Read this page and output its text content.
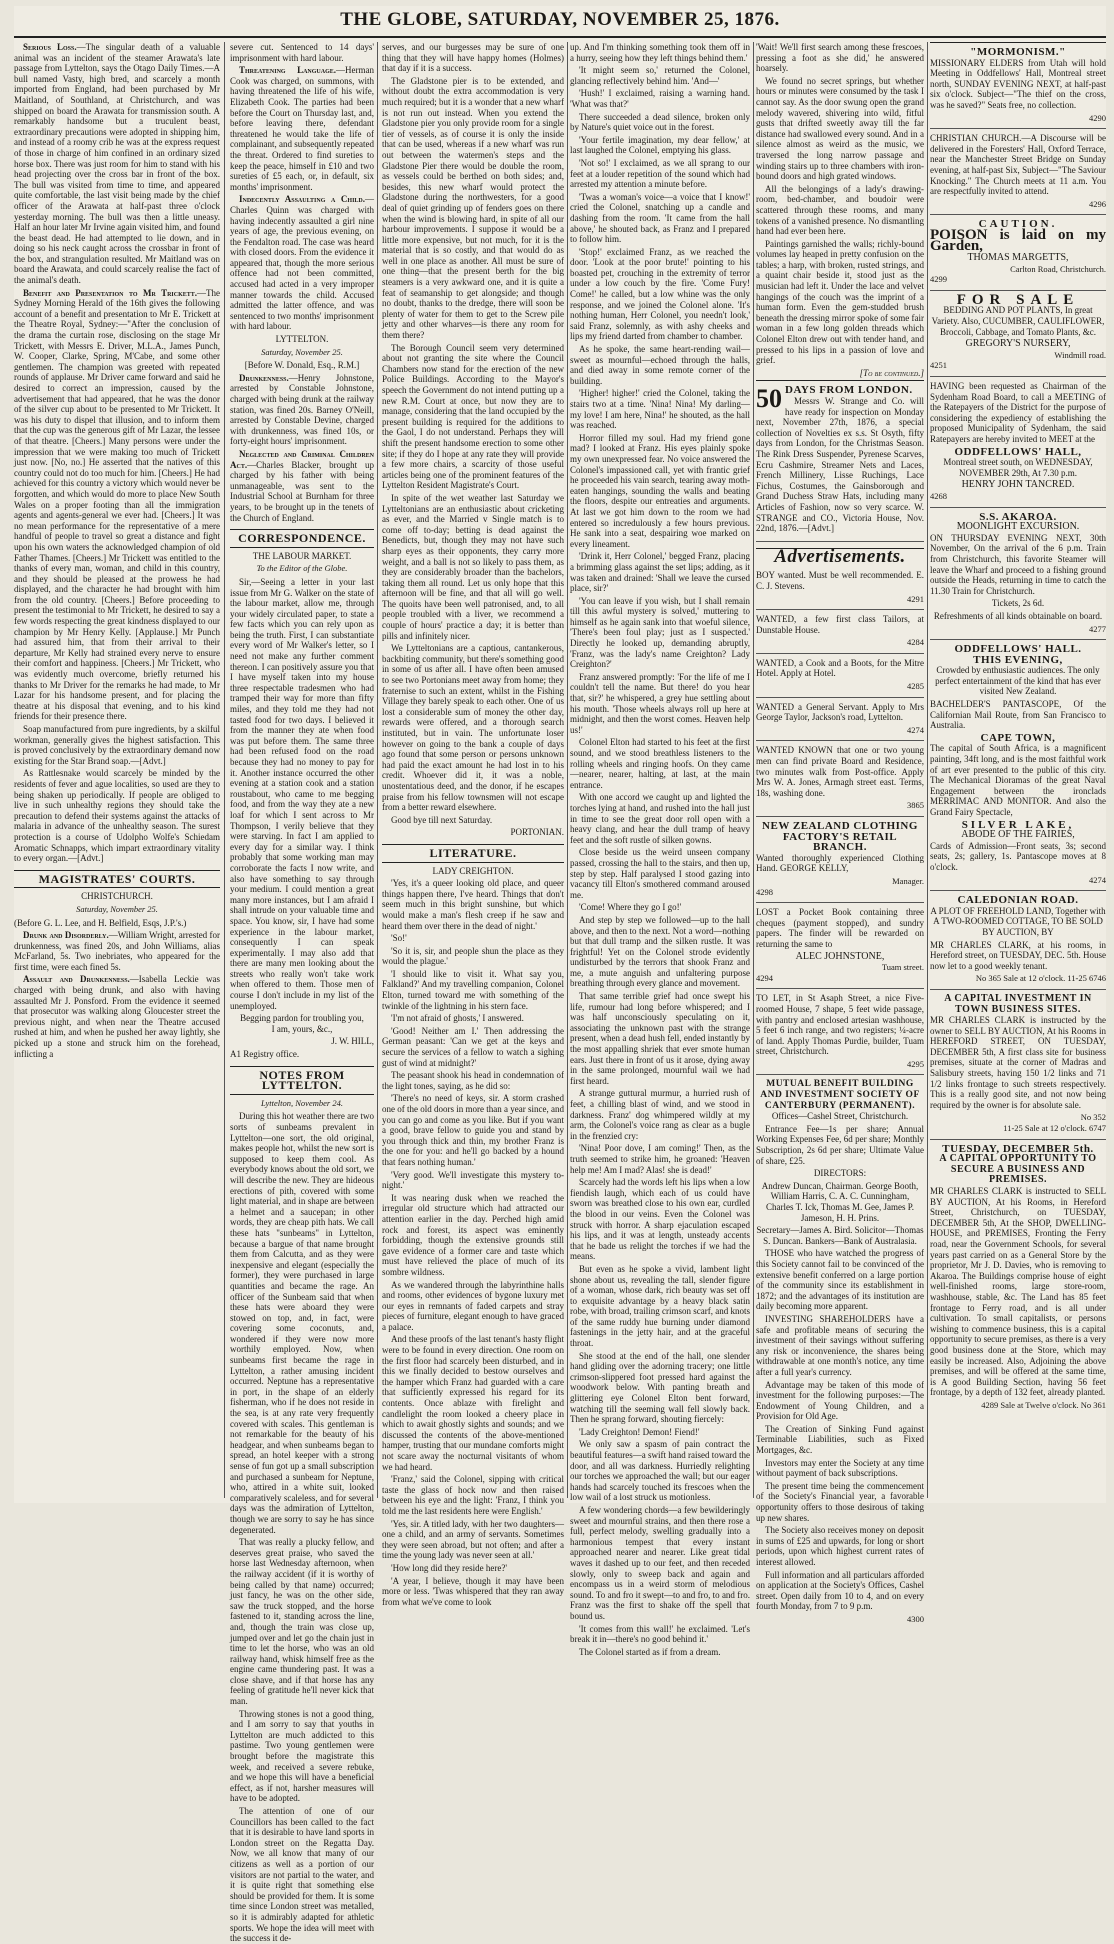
THE GLOBE, SATURDAY, NOVEMBER 25, 1876.

Serious Loss.—The singular death of a valuable animal was an incident of the steamer Arawata's late passage from Lyttelton, says the Otago Daily Times.—A bull named Vasty, high bred, and scarcely a month imported from England, had been purchased by Mr Maitland, of Southland, at Christchurch, and was shipped on board the Arawata for transmission south. A remarkably handsome but a truculent beast, extraordinary precautions were adopted in shipping him, and instead of a roomy crib he was at the express request of those in charge of him confined in an ordinary sized horse box. There was just room for him to stand with his head projecting over the cross bar in front of the box. The bull was visited from time to time, and appeared quite comfortable, the last visit being made by the chief officer of the Arawata at half-past three o'clock yesterday morning. The bull was then a little uneasy. Half an hour later Mr Irvine again visited him, and found the beast dead. He had attempted to lie down, and in doing so his neck caught across the crossbar in front of the box, and strangulation resulted. Mr Maitland was on board the Arawata, and could scarcely realise the fact of the animal's death.

Benefit and Presentation to Mr Trickett.—The Sydney Morning Herald of the 16th gives the following account of a benefit and presentation to Mr E. Trickett at the Theatre Royal, Sydney:—"After the conclusion of the drama the curtain rose, disclosing on the stage Mr Trickett, with Messrs E. Driver, M.L.A., James Punch, W. Cooper, Clarke, Spring, M'Cabe, and some other gentlemen. The champion was greeted with repeated rounds of applause. Mr Driver came forward and said he desired to correct an impression, caused by the advertisement that had appeared, that he was the donor of the silver cup about to be presented to Mr Trickett. It was his duty to dispel that illusion, and to inform them that the cup was the generous gift of Mr Lazar, the lessee of that theatre. [Cheers.] Many persons were under the impression that we were making too much of Trickett just now. [No, no.] He asserted that the natives of this country could not do too much for him. [Cheers.] He had achieved for this country a victory which would never be forgotten, and which would do more to place New South Wales on a proper footing than all the immigration agents and agents-general we ever had. [Cheers.] It was no mean performance for the representative of a mere handful of people to travel so great a distance and fight upon his own waters the acknowledged champion of old Father Thames. [Cheers.] Mr Trickett was entitled to the thanks of every man, woman, and child in this country, and they should be pleased at the prowess he had displayed, and the character he had brought with him from the old country. [Cheers.] Before proceeding to present the testimonial to Mr Trickett, he desired to say a few words respecting the great kindness displayed to our champion by Mr Henry Kelly. [Applause.] Mr Punch had assured him, that from their arrival to their departure, Mr Kelly had strained every nerve to ensure their comfort and happiness. [Cheers.] Mr Trickett, who was evidently much overcome, briefly returned his thanks to Mr Driver for the remarks he had made, to Mr Lazar for his handsome present, and for placing the theatre at his disposal that evening, and to his kind friends for their presence there.

Soap manufactured from pure ingredients, by a skilful workman, generally gives the highest satisfaction. This is proved conclusively by the extraordinary demand now existing for the Star Brand soap.—[Advt.]

As Rattlesnake would scarcely be minded by the residents of fever and ague localities, so used are they to being shaken up periodically. If people are obliged to live in such unhealthy regions they should take the precaution to defend their systems against the attacks of malaria in advance of the unhealthy season. The surest protection is a course of Udolpho Wolfe's Schiedam Aromatic Schnapps, which impart extraordinary vitality to every organ.—[Advt.]

MAGISTRATES' COURTS.
CHRISTCHURCH.
Saturday, November 25.

(Before G. L. Lee, and H. Belfield, Esqs, J.P.'s.)

Drunk and Disorderly.—William Wright, arrested for drunkenness, was fined 20s, and John Williams, alias McFarland, 5s. Two inebriates, who appeared for the first time, were each fined 5s.

Assault and Drunkenness.—Isabella Leckie was charged with being drunk, and also with having assaulted Mr J. Ponsford. From the evidence it seemed that prosecutor was walking along Gloucester street the previous night, and when near the Theatre accused rushed at him, and when he pushed her away lightly, she picked up a stone and struck him on the forehead, inflicting a

severe cut. Sentenced to 14 days' imprisonment with hard labour.

Threatening Language.—Herman Cook was charged, on summons, with having threatened the life of his wife, Elizabeth Cook. The parties had been before the Court on Thursday last, and, before leaving there, defendant threatened he would take the life of complainant, and subsequently repeated the threat. Ordered to find sureties to keep the peace, himself in £10 and two sureties of £5 each, or, in default, six months' imprisonment.

Indecently Assaulting a Child.—Charles Quinn was charged with having indecently assaulted a girl nine years of age, the previous evening, on the Fendalton road. The case was heard with closed doors. From the evidence it appeared that, though the more serious offence had not been committed, accused had acted in a very improper manner towards the child. Accused admitted the latter offence, and was sentenced to two months' imprisonment with hard labour.

LYTTELTON.
Saturday, November 25.

[Before W. Donald, Esq., R.M.]

Drunkenness.—Henry Johnstone, arrested by Constable Johnstone, charged with being drunk at the railway station, was fined 20s. Barney O'Neill, arrested by Constable Devine, charged with drunkenness, was fined 10s, or forty-eight hours' imprisonment.

Neglected and Criminal Children Act.—Charles Blacker, brought up charged by his father with being unmanageable, was sent to the Industrial School at Burnham for three years, to be brought up in the tenets of the Church of England.

CORRESPONDENCE.
THE LABOUR MARKET.
To the Editor of the Globe.

Sir,—Seeing a letter in your last issue from Mr G. Walker on the state of the labour market, allow me, through your widely circulated paper, to state a few facts which you can rely upon as being the truth. First, I can substantiate every word of Mr Walker's letter, so I need not make any further comment thereon. I can positively assure you that I have myself taken into my house three respectable tradesmen who had tramped their way for more than fifty miles, and they told me they had not tasted food for two days. I believed it from the manner they ate when food was put before them. The same three had been refused food on the road because they had no money to pay for it. Another instance occurred the other evening at a station cook and a station roustabout, who came to me begging food, and from the way they ate a new loaf for which I sent across to Mr Thompson, I verily believe that they were starving. In fact I am applied to every day for a similar way. I think probably that some working man may corroborate the facts I now write, and also have something to say through your medium. I could mention a great many more instances, but I am afraid I shall intrude on your valuable time and space. You know, sir, I have had some experience in the labour market, consequently I can speak experimentally. I may also add that there are many men looking about the streets who really won't take work when offered to them. Those men of course I don't include in my list of the unemployed.

Begging pardon for troubling you,
I am, yours, &c.,

J. W. HILL,

A1 Registry office.

NOTES FROM LYTTELTON.
Lyttelton, November 24.

During this hot weather there are two sorts of sunbeams prevalent in Lyttelton—one sort, the old original, makes people hot, whilst the new sort is supposed to keep them cool. As everybody knows about the old sort, we will describe the new. They are hideous erections of pith, covered with some light material, and in shape are between a helmet and a saucepan; in other words, they are cheap pith hats. We call these hats "sunbeams" in Lyttelton, because a bargue of that name brought them from Calcutta, and as they were inexpensive and elegant (especially the former), they were purchased in large quantities and became the rage. An officer of the Sunbeam said that when these hats were aboard they were stowed on top, and, in fact, were covering some coconuts, and, wondered if they were now more worthily employed. Now, when sunbeams first became the rage in Lyttelton, a rather amusing incident occurred. Neptune has a representative in port, in the shape of an elderly fisherman, who if he does not reside in the sea, is at any rate very frequently covered with scales. This gentleman is not remarkable for the beauty of his headgear, and when sunbeams began to spread, an hotel keeper with a strong sense of fun got up a small subscription and purchased a sunbeam for Neptune, who, attired in a white suit, looked comparatively scaleless, and for several days was the admiration of Lyttelton, though we are sorry to say he has since degenerated.

That was really a plucky fellow, and deserves great praise, who saved the horse last Wednesday afternoon, when the railway accident (if it is worthy of being called by that name) occurred; just fancy, he was on the other side, saw the truck stopped, and the horse fastened to it, standing across the line, and, though the train was close up, jumped over and let go the chain just in time to let the horse, who was an old railway hand, whisk himself free as the engine came thundering past. It was a close shave, and if that horse has any feeling of gratitude he'll never kick that man.

Throwing stones is not a good thing, and I am sorry to say that youths in Lyttelton are much addicted to this pastime. Two young gentlemen were brought before the magistrate this week, and received a severe rebuke, and we hope this will have a beneficial effect, as if not, harsher measures will have to be adopted.

The attention of one of our Councillors has been called to the fact that it is desirable to have land sports in London street on the Regatta Day. Now, we all know that many of our citizens as well as a portion of our visitors are not partial to the water, and it is quite right that something else should be provided for them. It is some time since London street was metalled, so it is admirably adapted for athletic sports. We hope the idea will meet with the success it de-

serves, and our burgesses may be sure of one thing that they will have happy homes (Holmes) that day if it is a success.

The Gladstone pier is to be extended, and without doubt the extra accommodation is very much required; but it is a wonder that a new wharf is not run out instead. When you extend the Gladstone pier you only provide room for a single tier of vessels, as of course it is only the inside that can be used, whereas if a new wharf was run out between the watermen's steps and the Gladstone Pier there would be double the room, as vessels could be berthed on both sides; and, besides, this new wharf would protect the Gladstone during the northwesters, for a good deal of quiet grinding up of fenders goes on there when the wind is blowing hard, in spite of all our harbour improvements. I suppose it would be a little more expensive, but not much, for it is the material that is so costly, and that would do as well in one place as another. All must be sure of one thing—that the present berth for the big steamers is a very awkward one, and it is quite a feat of seamanship to get alongside; and though no doubt, thanks to the dredge, there will soon be plenty of water for them to get to the Screw pile jetty and other wharves—is there any room for them there?

The Borough Council seem very determined about not granting the site where the Council Chambers now stand for the erection of the new Police Buildings. According to the Mayor's speech the Government do not intend putting up a new R.M. Court at once, but now they are to manage, considering that the land occupied by the present building is required for the additions to the Gaol, I do not understand. Perhaps they will shift the present handsome erection to some other site; if they do I hope at any rate they will provide a few more chairs, a scarcity of those useful articles being one of the prominent features of the Lyttelton Resident Magistrate's Court.

In spite of the wet weather last Saturday we Lytteltonians are an enthusiastic about cricketing as ever, and the Married v Single match is to come off to-day; betting is dead against the Benedicts, but, though they may not have such sharp eyes as their opponents, they carry more weight, and a ball is not so likely to pass them, as they are considerably broader than the bachelors, taking them all round. Let us only hope that this afternoon will be fine, and that all will go well. The quoits have been well patronised, and, to all people troubled with a liver, we recommend a couple of hours' practice a day; it is better than pills and infinitely nicer.

We Lytteltonians are a captious, cantankerous, backbiting community, but there's something good in some of us after all. I have often been amused to see two Portonians meet away from home; they fraternise to such an extent, whilst in the Fishing Village they barely speak to each other. One of us lost a considerable sum of money the other day, rewards were offered, and a thorough search instituted, but in vain. The unfortunate loser however on going to the bank a couple of days ago found that some person or persons unknown had paid the exact amount he had lost in to his credit. Whoever did it, it was a noble, unostentatious deed, and the donor, if he escapes praise from his fellow townsmen will not escape from a better reward elsewhere.

Good bye till next Saturday.

PORTONIAN.

LITERATURE.
LADY CREIGHTON.

'Yes, it's a queer looking old place, and queer things happen there, I've heard. Things that don't seem much in this bright sunshine, but which would make a man's flesh creep if he saw and heard them over there in the dead of night.'

'So!'

'So it is, sir, and people shun the place as they would the plague.'

'I should like to visit it. What say you, Falkland?' And my travelling companion, Colonel Elton, turned toward me with something of the twinkle of the lightning in his stern face.

'I'm not afraid of ghosts,' I answered.

'Good! Neither am I.' Then addressing the German peasant: 'Can we get at the keys and secure the services of a fellow to watch a sighing gust of wind at midnight?'

The peasant shook his head in condemnation of the light tones, saying, as he did so:

'There's no need of keys, sir. A storm crashed one of the old doors in more than a year since, and you can go and come as you like. But if you want a good, brave fellow to guide you and stand by you through thick and thin, my brother Franz is the one for you: and he'll go backed by a hound that fears nothing human.'

'Very good. We'll investigate this mystery to-night.'

It was nearing dusk when we reached the irregular old structure which had attracted our attention earlier in the day. Perched high amid rock and forest, its aspect was eminently forbidding, though the extensive grounds still gave evidence of a former care and taste which must have relieved the place of much of its sombre wildness.

As we wandered through the labyrinthine halls and rooms, other evidences of bygone luxury met our eyes in remnants of faded carpets and stray pieces of furniture, elegant enough to have graced a palace.

And these proofs of the last tenant's hasty flight were to be found in every direction. One room on the first floor had scarcely been disturbed, and in this we finally decided to bestow ourselves and the hamper which Franz had guarded with a care that sufficiently expressed his regard for its contents. Once ablaze with firelight and candlelight the room looked a cheery place in which to await ghostly sights and sounds; and we discussed the contents of the above-mentioned hamper, trusting that our mundane comforts might not scare away the nocturnal visitants of whom we had heard.

'Franz,' said the Colonel, sipping with critical taste the glass of hock now and then raised between his eye and the light: 'Franz, I think you told me the last residents here were English.'

'Yes, sir. A titled lady, with her two daughters—one a child, and an army of servants. Sometimes they were seen abroad, but not often; and after a time the young lady was never seen at all.'

'How long did they reside here?'

'A year, I believe, though it may have been more or less. 'Twas whispered that they ran away from what we've come to look

up. And I'm thinking something took them off in a hurry, seeing how they left things behind them.'

'It might seem so,' returned the Colonel, glancing reflectively behind him. 'And—'

'Hush!' I exclaimed, raising a warning hand. 'What was that?'

There succeeded a dead silence, broken only by Nature's quiet voice out in the forest.

'Your fertile imagination, my dear fellow,' at last laughed the Colonel, emptying his glass.

'Not so!' I exclaimed, as we all sprang to our feet at a louder repetition of the sound which had arrested my attention a minute before.

'Twas a woman's voice—a voice that I know!' cried the Colonel, snatching up a candle and dashing from the room. 'It came from the hall above,' he shouted back, as Franz and I prepared to follow him.

'Stop!' exclaimed Franz, as we reached the door. 'Look at the poor brute!' pointing to his boasted pet, crouching in the extremity of terror under a low couch by the fire. 'Come Fury! Come!' he called, but a low whine was the only response, and we joined the Colonel alone. 'It's nothing human, Herr Colonel, you needn't look,' said Franz, solemnly, as with ashy cheeks and lips my friend darted from chamber to chamber.

As he spoke, the same heart-rending wail—sweet as mournful—echoed through the halls, and died away in some remote corner of the building.

'Higher! higher!' cried the Colonel, taking the stairs two at a time. 'Nina! Nina! My darling—my love! I am here, Nina!' he shouted, as the hall was reached.

Horror filled my soul. Had my friend gone mad? I looked at Franz. His eyes plainly spoke my own unexpressed fear. No voice answered the Colonel's impassioned call, yet with frantic grief he proceeded his vain search, tearing away moth-eaten hangings, sounding the walls and beating the floors, despite our entreaties and arguments. At last we got him down to the room we had entered so incredulously a few hours previous. He sank into a seat, despairing woe marked on every lineament.

'Drink it, Herr Colonel,' begged Franz, placing a brimming glass against the set lips; adding, as it was taken and drained: 'Shall we leave the cursed place, sir?'

'You can leave if you wish, but I shall remain till this awful mystery is solved,' muttering to himself as he again sank into that woeful silence, 'There's been foul play; just as I suspected.' Directly he looked up, demanding abruptly, 'Franz, was the lady's name Creighton? Lady Creighton?'

Franz answered promptly: 'For the life of me I couldn't tell the name. But there! do you hear that, sir?' he whispered, a grey hue settling about his mouth. 'Those wheels always roll up here at midnight, and then the worst comes. Heaven help us!'

Colonel Elton had started to his feet at the first sound, and we stood breathless listeners to the rolling wheels and ringing hoofs. On they came—nearer, nearer, halting, at last, at the main entrance.

With one accord we caught up and lighted the torches lying at hand, and rushed into the hall just in time to see the great door roll open with a heavy clang, and hear the dull tramp of heavy feet and the soft rustle of silken gowns.

Close beside us the weird unseen company passed, crossing the hall to the stairs, and then up, step by step. Half paralysed I stood gazing into vacancy till Elton's smothered command aroused me.

'Come! Where they go I go!'

And step by step we followed—up to the hall above, and then to the next. Not a word—nothing but that dull tramp and the silken rustle. It was frightful! Yet on the Colonel strode evidently undisturbed by the terrors that shook Franz and me, a mute anguish and unfaltering purpose breathing through every glance and movement.

That same terrible grief had once swept his life, rumour had long before whispered; and I was half unconsciously speculating on it, associating the unknown past with the strange present, when a dead hush fell, ended instantly by the most appalling shriek that ever smote human ears. Just there in front of us it arose, dying away in the same prolonged, mournful wail we had first heard.

A strange guttural murmur, a hurried rush of feet, a chilling blast of wind, and we stood in darkness. Franz' dog whimpered wildly at my arm, the Colonel's voice rang as clear as a bugle in the frenzied cry:

'Nina! Poor dove, I am coming!' Then, as the truth seemed to strike him, he groaned: 'Heaven help me! Am I mad? Alas! she is dead!'

Scarcely had the words left his lips when a low fiendish laugh, which each of us could have sworn was breathed close to his own ear, curdled the blood in our veins. Even the Colonel was struck with horror. A sharp ejaculation escaped his lips, and it was at length, unsteady accents that he bade us relight the torches if we had the means.

But even as he spoke a vivid, lambent light shone about us, revealing the tall, slender figure of a woman, whose dark, rich beauty was set off to exquisite advantage by a heavy black satin robe, with broad, trailing crimson scarf, and knots of the same ruddy hue burning under diamond fastenings in the jetty hair, and at the graceful throat.

She stood at the end of the hall, one slender hand gliding over the adorning tracery; one little crimson-slippered foot pressed hard against the woodwork below. With panting breath and glittering eye Colonel Elton bent forward, watching till the seeming wall fell slowly back. Then he sprang forward, shouting fiercely:

'Lady Creighton! Demon! Fiend!'

We only saw a spasm of pain contract the beautiful features—a swift hand raised toward the door, and all was darkness. Hurriedly relighting our torches we approached the wall; but our eager hands had scarcely touched its frescoes when the low wail of a lost struck us motionless.

A few wondering chords—a few bewilderingly sweet and mournful strains, and then there rose a full, perfect melody, swelling gradually into a harmonious tempest that every instant approached nearer and nearer. Like great tidal waves it dashed up to our feet, and then receded slowly, only to sweep back and again and encompass us in a weird storm of melodious sound. To and fro it swept—to and fro, to and fro. Franz was the first to shake off the spell that bound us.

'It comes from this wall!' he exclaimed. 'Let's break it in—there's no good behind it.'

The Colonel started as if from a dream.

'Wait! We'll first search among these frescoes, pressing a foot as she did,' he answered hoarsely.

We found no secret springs, but whether hours or minutes were consumed by the task I cannot say. As the door swung open the grand melody wavered, shivering into wild, fitful gusts that drifted sweetly away till the far distance had swallowed every sound. And in a silence almost as weird as the music, we traversed the long narrow passage and winding stairs up to three chambers with iron-bound doors and high grated windows.

All the belongings of a lady's drawing-room, bed-chamber, and boudoir were scattered through these rooms, and many tokens of a vanished presence. No dismantling hand had ever been here.

Paintings garnished the walls; richly-bound volumes lay heaped in pretty confusion on the tables; a harp, with broken, rusted strings, and a quaint chair beside it, stood just as the musician had left it. Under the lace and velvet hangings of the couch was the imprint of a human form. Even the gem-studded brush beneath the dressing mirror spoke of some fair woman in a few long golden threads which Colonel Elton drew out with tender hand, and pressed to his lips in a passion of love and grief.

[To be continued.]

50 DAYS FROM LONDON.

Messrs W. Strange and Co. will have ready for inspection on Monday next, November 27th, 1876, a special collection of Novelties ex s.s. St Osyth, fifty days from London, for the Christmas Season. The Rink Dress Suspender, Pyrenese Scarves, Ecru Cashmire, Streamer Nets and Laces, French Millinery, Lisse Ruchings, Lace Fichus, Costumes, the Gainsborough and Grand Duchess Straw Hats, including many Articles of Fashion, now so very scarce. W. STRANGE and CO., Victoria House, Nov. 22nd, 1876.—[Advt.]

Advertisements.

BOY wanted. Must be well recommended. E. C. J. Stevens.

4291

WANTED, a few first class Tailors, at Dunstable House.

4284

WANTED, a Cook and a Boots, for the Mitre Hotel. Apply at Hotel.

4285

WANTED a General Servant. Apply to Mrs George Taylor, Jackson's road, Lyttelton.

4274

WANTED KNOWN that one or two young men can find private Board and Residence, two minutes walk from Post-office. Apply Mrs W. A. Jones, Armagh street east. Terms, 18s, washing done.

3865
NEW ZEALAND CLOTHING FACTORY'S RETAIL BRANCH.

Wanted thoroughly experienced Clothing Hand. GEORGE KELLY,

Manager.
4298

LOST a Pocket Book containing three cheques (payment stopped), and sundry papers. The finder will be rewarded on returning the same to

ALEC JOHNSTONE,
Tuam street.
4294

TO LET, in St Asaph Street, a nice Five-roomed House, 7 shape, 5 feet wide passage, with pantry and enclosed artesian washhouse, 5 feet 6 inch range, and two registers; ¼-acre of land. Apply Thomas Purdie, builder, Tuam street, Christchurch.

4295
MUTUAL BENEFIT BUILDING AND INVESTMENT SOCIETY OF CANTERBURY (PERMANENT).

Offices—Cashel Street, Christchurch.

Entrance Fee—1s per share; Annual Working Expenses Fee, 6d per share; Monthly Subscription, 2s 6d per share; Ultimate Value of share, £25.

DIRECTORS:

Andrew Duncan, Chairman. George Booth, William Harris, C. A. C. Cunningham, Charles T. Ick, Thomas M. Gee, James P. Jameson, H. H. Prins.

Secretary—James A. Bird. Solicitor—Thomas S. Duncan. Bankers—Bank of Australasia.

THOSE who have watched the progress of this Society cannot fail to be convinced of the extensive benefit conferred on a large portion of the community since its establishment in 1872; and the advantages of its institution are daily becoming more apparent.

INVESTING SHAREHOLDERS have a safe and profitable means of securing the investment of their savings without suffering any risk or inconvenience, the shares being withdrawable at one month's notice, any time after a full year's currency.

Advantage may be taken of this mode of investment for the following purposes:—The Endowment of Young Children, and a Provision for Old Age.

The Creation of Sinking Fund against Terminable Liabilities, such as Fixed Mortgages, &c.

Investors may enter the Society at any time without payment of back subscriptions.

The present time being the commencement of the Society's Financial year, a favorable opportunity offers to those desirous of taking up new shares.

The Society also receives money on deposit in sums of £25 and upwards, for long or short periods, upon which highest current rates of interest allowed.

Full information and all particulars afforded on application at the Society's Offices, Cashel street. Open daily from 10 to 4, and on every fourth Monday, from 7 to 9 p.m.

4300
"MORMONISM."

MISSIONARY ELDERS from Utah will hold Meeting in Oddfellows' Hall, Montreal street north, SUNDAY EVENING NEXT, at half-past six o'clock. Subject—"The thief on the cross, was he saved?" Seats free, no collection.

4290

CHRISTIAN CHURCH.—A Discourse will be delivered in the Foresters' Hall, Oxford Terrace, near the Manchester Street Bridge on Sunday evening, at half-past Six, Subject—"The Saviour Knocking." The Church meets at 11 a.m. You are respectfully invited to attend.

4296
CAUTION.

POISON is laid on my Garden,

THOMAS MARGETTS,
Carlton Road, Christchurch.
4299
FOR SALE

BEDDING AND POT PLANTS, In great Variety. Also, CUCUMBER, CAULIFLOWER, Broccoli, Cabbage, and Tomato Plants, &c.

GREGORY'S NURSERY,
Windmill road.
4251

HAVING been requested as Chairman of the Sydenham Road Board, to call a MEETING of the Ratepayers of the District for the purpose of considering the expediency of establishing the proposed Municipality of Sydenham, the said Ratepayers are hereby invited to MEET at the

ODDFELLOWS' HALL,

Montreal street south, on WEDNESDAY, NOVEMBER 29th, At 7.30 p.m.

HENRY JOHN TANCRED.
4268
S.S. AKAROA.
MOONLIGHT EXCURSION.

ON THURSDAY EVENING NEXT, 30th November, On the arrival of the 6 p.m. Train from Christchurch, this favorite Steamer will leave the Wharf and proceed to a fishing ground outside the Heads, returning in time to catch the 11.30 Train for Christchurch.

Tickets, 2s 6d.

Refreshments of all kinds obtainable on board.

4277
ODDFELLOWS' HALL.
THIS EVENING,

Crowded by enthusiastic audiences. The only perfect entertainment of the kind that has ever visited New Zealand.

BACHELDER'S PANTASCOPE, Of the Californian Mail Route, from San Francisco to Australia.

CAPE TOWN,

The capital of South Africa, is a magnificent painting, 34ft long, and is the most faithful work of art ever presented to the public of this city. The Mechanical Dioramas of the great Naval Engagement between the ironclads MERRIMAC AND MONITOR. And also the Grand Fairy Spectacle,

SILVER LAKE,
ABODE OF THE FAIRIES,

Cards of Admission—Front seats, 3s; second seats, 2s; gallery, 1s. Pantascope moves at 8 o'clock.

4274
CALEDONIAN ROAD.

A PLOT OF FREEHOLD LAND, Together with A TWO-ROOMED COTTAGE, TO BE SOLD BY AUCTION, BY

MR CHARLES CLARK, at his rooms, in Hereford street, on TUESDAY, DEC. 5th. House now let to a good weekly tenant.

No 365 Sale at 12 o'clock. 11-25 6746
A CAPITAL INVESTMENT IN TOWN BUSINESS SITES.

MR CHARLES CLARK is instructed by the owner to SELL BY AUCTION, At his Rooms in HEREFORD STREET, ON TUESDAY, DECEMBER 5th, A first class site for business premises, situate at the corner of Madras and Salisbury streets, having 150 1/2 links and 71 1/2 links frontage to such streets respectively. This is a really good site, and not now being required by the owner is for absolute sale.

No 352
11-25 Sale at 12 o'clock. 6747
TUESDAY, DECEMBER 5th.
A CAPITAL OPPORTUNITY TO SECURE A BUSINESS AND PREMISES.

MR CHARLES CLARK is instructed to SELL BY AUCTION, At his Rooms, in Hereford Street, Christchurch, on TUESDAY, DECEMBER 5th, At the SHOP, DWELLING-HOUSE, and PREMISES, Fronting the Ferry road, near the Government Schools, for several years past carried on as a General Store by the proprietor, Mr J. D. Davies, who is removing to Akaroa. The Buildings comprise house of eight well-finished rooms, large store-room, washhouse, stable, &c. The Land has 85 feet frontage to Ferry road, and is all under cultivation. To small capitalists, or persons wishing to commence business, this is a capital opportunity to secure premises, as there is a very good business done at the Store, which may easily be increased. Also, Adjoining the above premises, and will be offered at the same time, is A good Building Section, having 56 feet frontage, by a depth of 132 feet, already planted.

4289 Sale at Twelve o'clock. No 361
